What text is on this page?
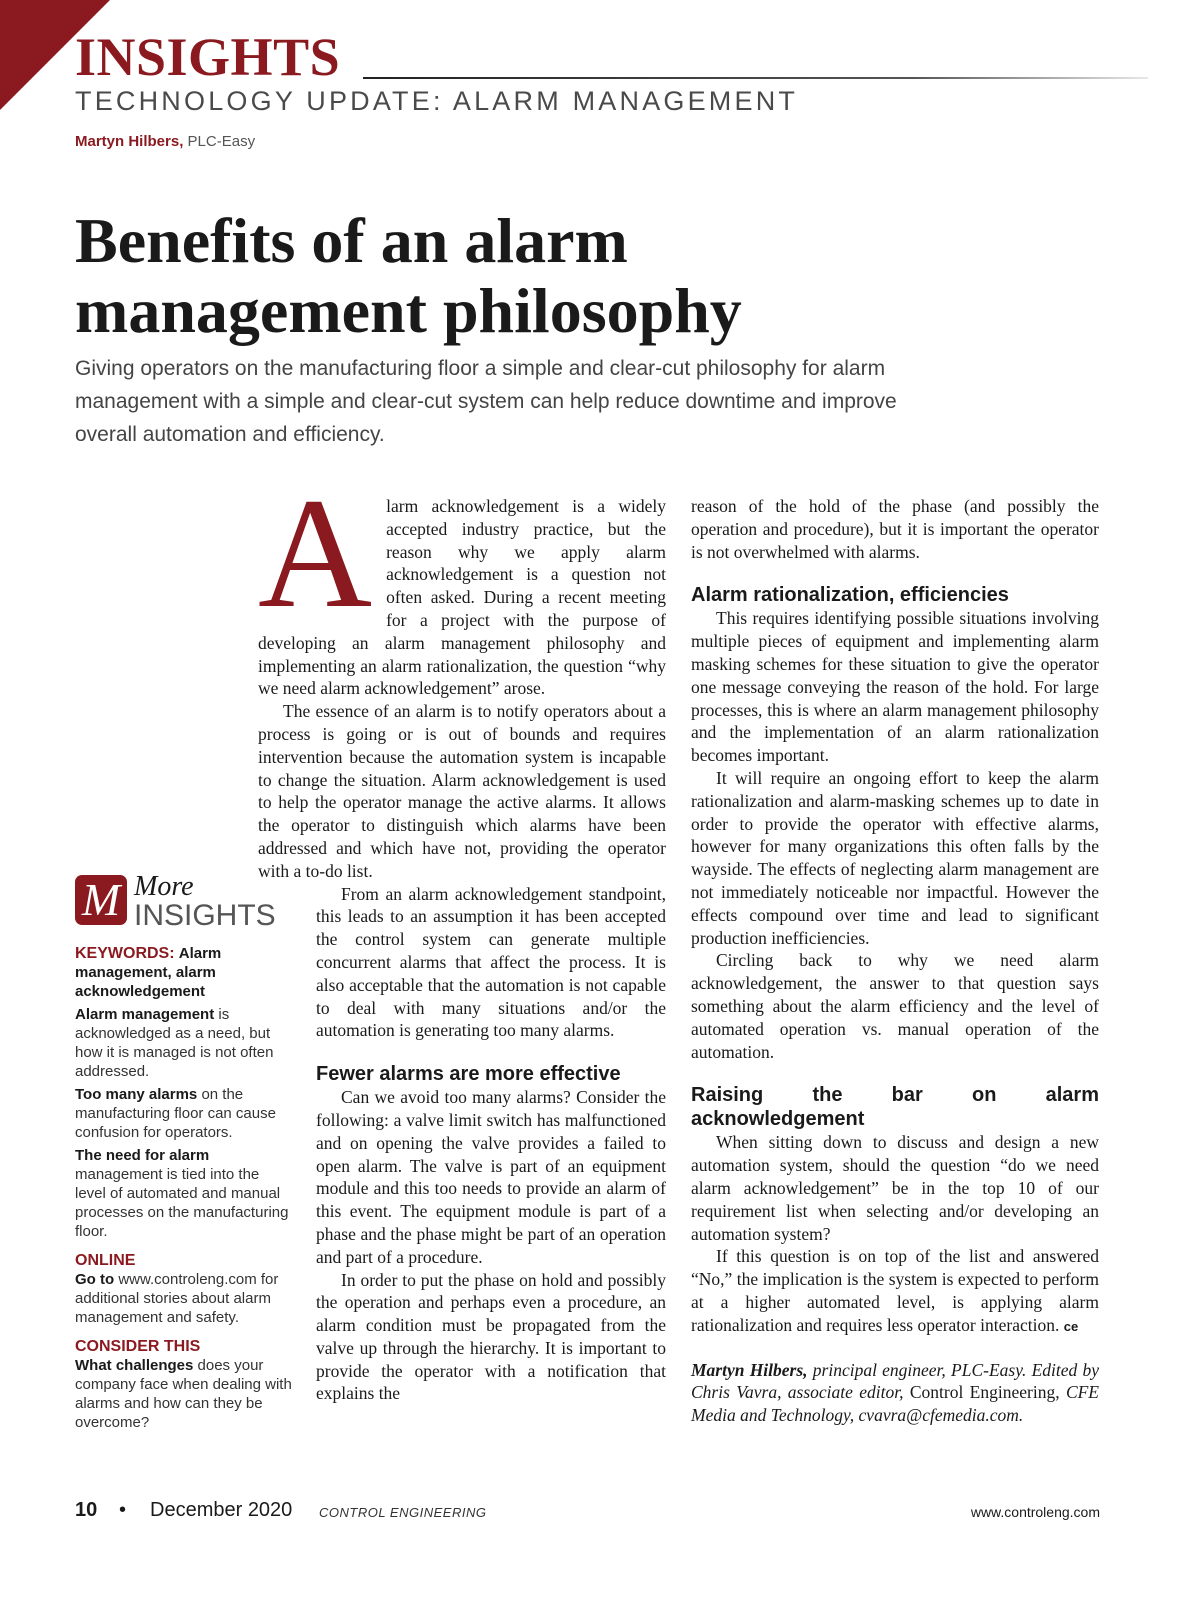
INSIGHTS
TECHNOLOGY UPDATE: ALARM MANAGEMENT
Martyn Hilbers, PLC-Easy
Benefits of an alarm
management philosophy

Giving operators on the manufacturing floor a simple and clear-cut philosophy for alarm management with a simple and clear-cut system can help reduce downtime and improve overall automation and efficiency.

A larm acknowledgement is a widely accepted industry practice, but the reason why we apply alarm acknowledgement is a question not often asked. During a recent meeting for a project with the purpose of developing an alarm management philosophy and implementing an alarm rationalization, the question “why we need alarm acknowledgement” arose.

The essence of an alarm is to notify operators about a process is going or is out of bounds and requires intervention because the automation system is incapable to change the situation. Alarm acknowledgement is used to help the operator manage the active alarms. It allows the operator to distinguish which alarms have been addressed and which have not, providing the operator with a to-do list.

From an alarm acknowledgement standpoint, this leads to an assumption it has been accepted the control system can generate multiple concurrent alarms that affect the process. It is also acceptable that the automation is not capable to deal with many situations and/or the automation is generating too many alarms.

Fewer alarms are more effective

Can we avoid too many alarms? Consider the following: a valve limit switch has malfunctioned and on opening the valve provides a failed to open alarm. The valve is part of an equipment module and this too needs to provide an alarm of this event. The equipment module is part of a phase and the phase might be part of an operation and part of a procedure.

In order to put the phase on hold and possibly the operation and perhaps even a procedure, an alarm condition must be propagated from the valve up through the hierarchy. It is important to provide the operator with a notification that explains the

reason of the hold of the phase (and possibly the operation and procedure), but it is important the operator is not overwhelmed with alarms.

Alarm rationalization, efficiencies

This requires identifying possible situations involving multiple pieces of equipment and implementing alarm masking schemes for these situation to give the operator one message conveying the reason of the hold. For large processes, this is where an alarm management philosophy and the implementation of an alarm rationalization becomes important.

It will require an ongoing effort to keep the alarm rationalization and alarm-masking schemes up to date in order to provide the operator with effective alarms, however for many organizations this often falls by the wayside. The effects of neglecting alarm management are not immediately noticeable nor impactful. However the effects compound over time and lead to significant production inefficiencies.

Circling back to why we need alarm acknowledgement, the answer to that question says something about the alarm efficiency and the level of automated operation vs. manual operation of the automation.

Raising the bar on alarm acknowledgement

When sitting down to discuss and design a new automation system, should the question “do we need alarm acknowledgement” be in the top 10 of our requirement list when selecting and/or developing an automation system?

If this question is on top of the list and answered “No,” the implication is the system is expected to perform at a higher automated level, is applying alarm rationalization and requires less operator interaction. ce

Martyn Hilbers, principal engineer, PLC-Easy. Edited by Chris Vavra, associate editor, Control Engineering, CFE Media and Technology, cvavra@cfemedia.com.

M More
INSIGHTS

KEYWORDS: Alarm management, alarm acknowledgement

Alarm management is acknowledged as a need, but how it is managed is not often addressed.

Too many alarms on the manufacturing floor can cause confusion for operators.

The need for alarm management is tied into the level of automated and manual processes on the manufacturing floor.

ONLINE

Go to www.controleng.com for additional stories about alarm management and safety.

CONSIDER THIS

What challenges does your company face when dealing with alarms and how can they be overcome?

10 • December 2020 CONTROL ENGINEERING	www.controleng.com
